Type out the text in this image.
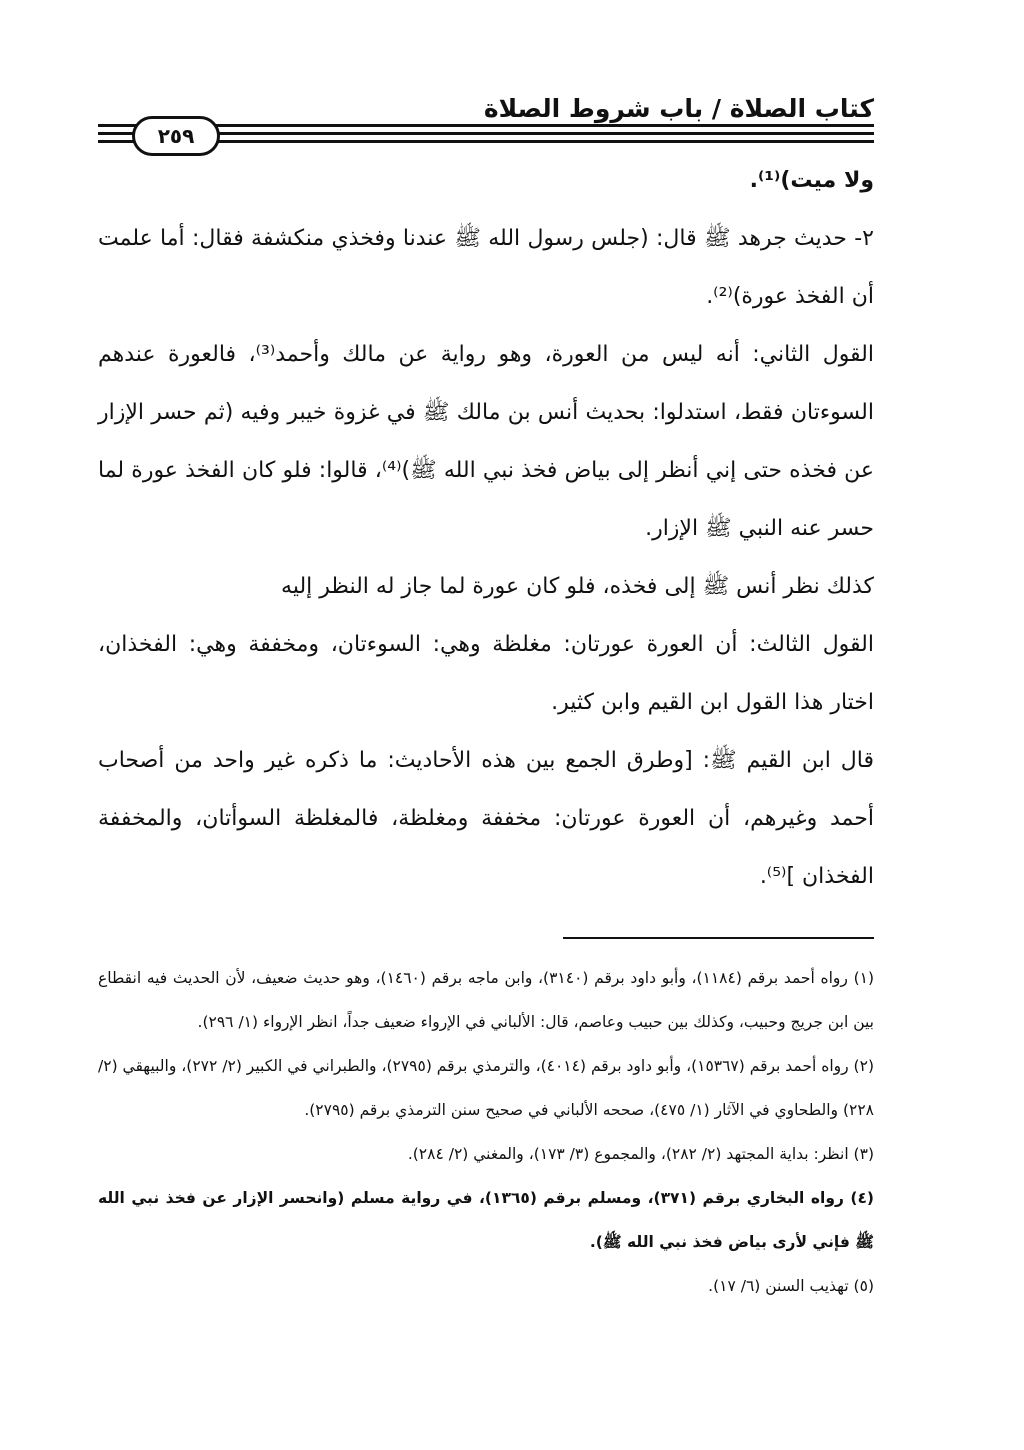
كتاب الصلاة / باب شروط الصلاة
٢٥٩

ولا ميت)⁽¹⁾.

٢- حديث جرهد ﷺ قال: (جلس رسول الله ﷺ عندنا وفخذي منكشفة فقال: أما علمت أن الفخذ عورة)⁽²⁾.

القول الثاني: أنه ليس من العورة، وهو رواية عن مالك وأحمد⁽³⁾، فالعورة عندهم السوءتان فقط، استدلوا: بحديث أنس بن مالك ﷺ في غزوة خيبر وفيه (ثم حسر الإزار عن فخذه حتى إني أنظر إلى بياض فخذ نبي الله ﷺ)⁽⁴⁾، قالوا: فلو كان الفخذ عورة لما حسر عنه النبي ﷺ الإزار.

كذلك نظر أنس ﷺ إلى فخذه، فلو كان عورة لما جاز له النظر إليه

القول الثالث: أن العورة عورتان: مغلظة وهي: السوءتان، ومخففة وهي: الفخذان، اختار هذا القول ابن القيم وابن كثير.

قال ابن القيم ﷺ: [وطرق الجمع بين هذه الأحاديث: ما ذكره غير واحد من أصحاب أحمد وغيرهم، أن العورة عورتان: مخففة ومغلظة، فالمغلظة السوأتان، والمخففة الفخذان ]⁽⁵⁾.

(١) رواه أحمد برقم (١١٨٤)، وأبو داود برقم (٣١٤٠)، وابن ماجه برقم (١٤٦٠)، وهو حديث ضعيف، لأن الحديث فيه انقطاع بين ابن جريج وحبيب، وكذلك بين حبيب وعاصم، قال: الألباني في الإرواء ضعيف جداً، انظر الإرواء (١/ ٢٩٦).

(٢) رواه أحمد برقم (١٥٣٦٧)، وأبو داود برقم (٤٠١٤)، والترمذي برقم (٢٧٩٥)، والطبراني في الكبير (٢/ ٢٧٢)، والبيهقي (٢/ ٢٢٨) والطحاوي في الآثار (١/ ٤٧٥)، صححه الألباني في صحيح سنن الترمذي برقم (٢٧٩٥).

(٣) انظر: بداية المجتهد (٢/ ٢٨٢)، والمجموع (٣/ ١٧٣)، والمغني (٢/ ٢٨٤).

(٤) رواه البخاري برقم (٣٧١)، ومسلم برقم (١٣٦٥)، في رواية مسلم (وانحسر الإزار عن فخذ نبي الله ﷺ فإني لأرى بياض فخذ نبي الله ﷺ).

(٥) تهذيب السنن (٦/ ١٧).
